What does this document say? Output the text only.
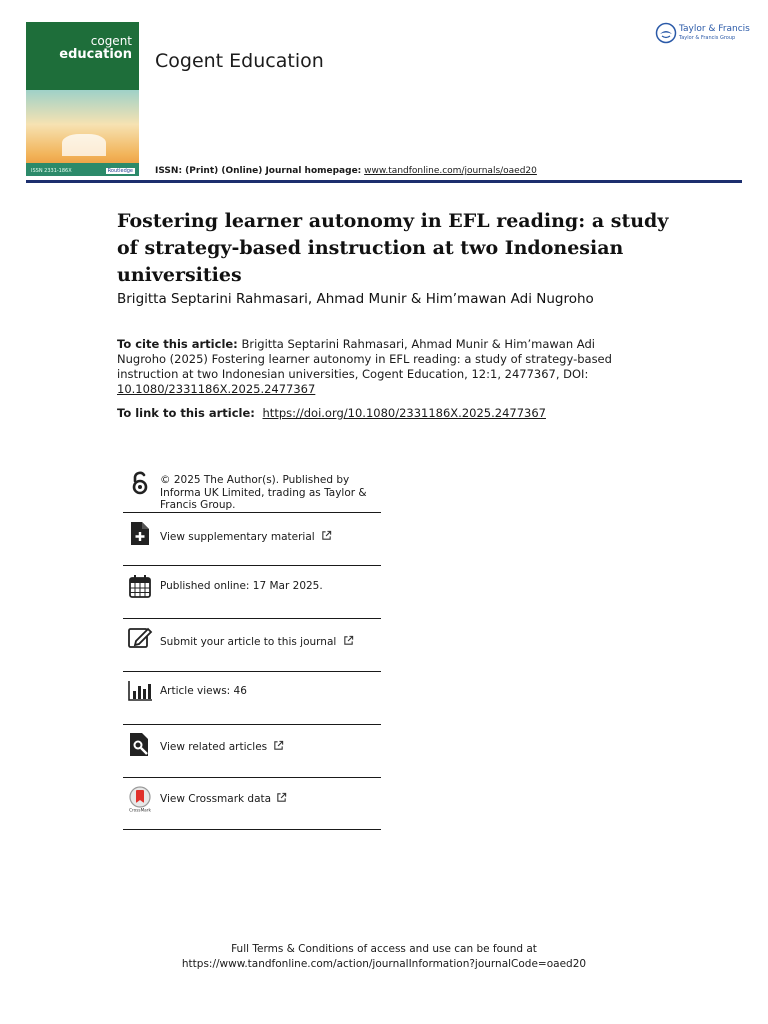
cogent
education
ISSN 2331-186X	Routledge
Cogent Education
Taylor & Francis
Taylor & Francis Group
ISSN: (Print) (Online) Journal homepage: www.tandfonline.com/journals/oaed20
Fostering learner autonomy in EFL reading: a study of strategy-based instruction at two Indonesian universities
Brigitta Septarini Rahmasari, Ahmad Munir & Him’mawan Adi Nugroho
To cite this article: Brigitta Septarini Rahmasari, Ahmad Munir & Him’mawan Adi Nugroho (2025) Fostering learner autonomy in EFL reading: a study of strategy-based instruction at two Indonesian universities, Cogent Education, 12:1, 2477367, DOI: 10.1080/2331186X.2025.2477367
To link to this article: https://doi.org/10.1080/2331186X.2025.2477367
© 2025 The Author(s). Published by Informa UK Limited, trading as Taylor & Francis Group.
View supplementary material
Published online: 17 Mar 2025.
Submit your article to this journal
Article views: 46
View related articles
CrossMark
View Crossmark data
Full Terms & Conditions of access and use can be found at
https://www.tandfonline.com/action/journalInformation?journalCode=oaed20
